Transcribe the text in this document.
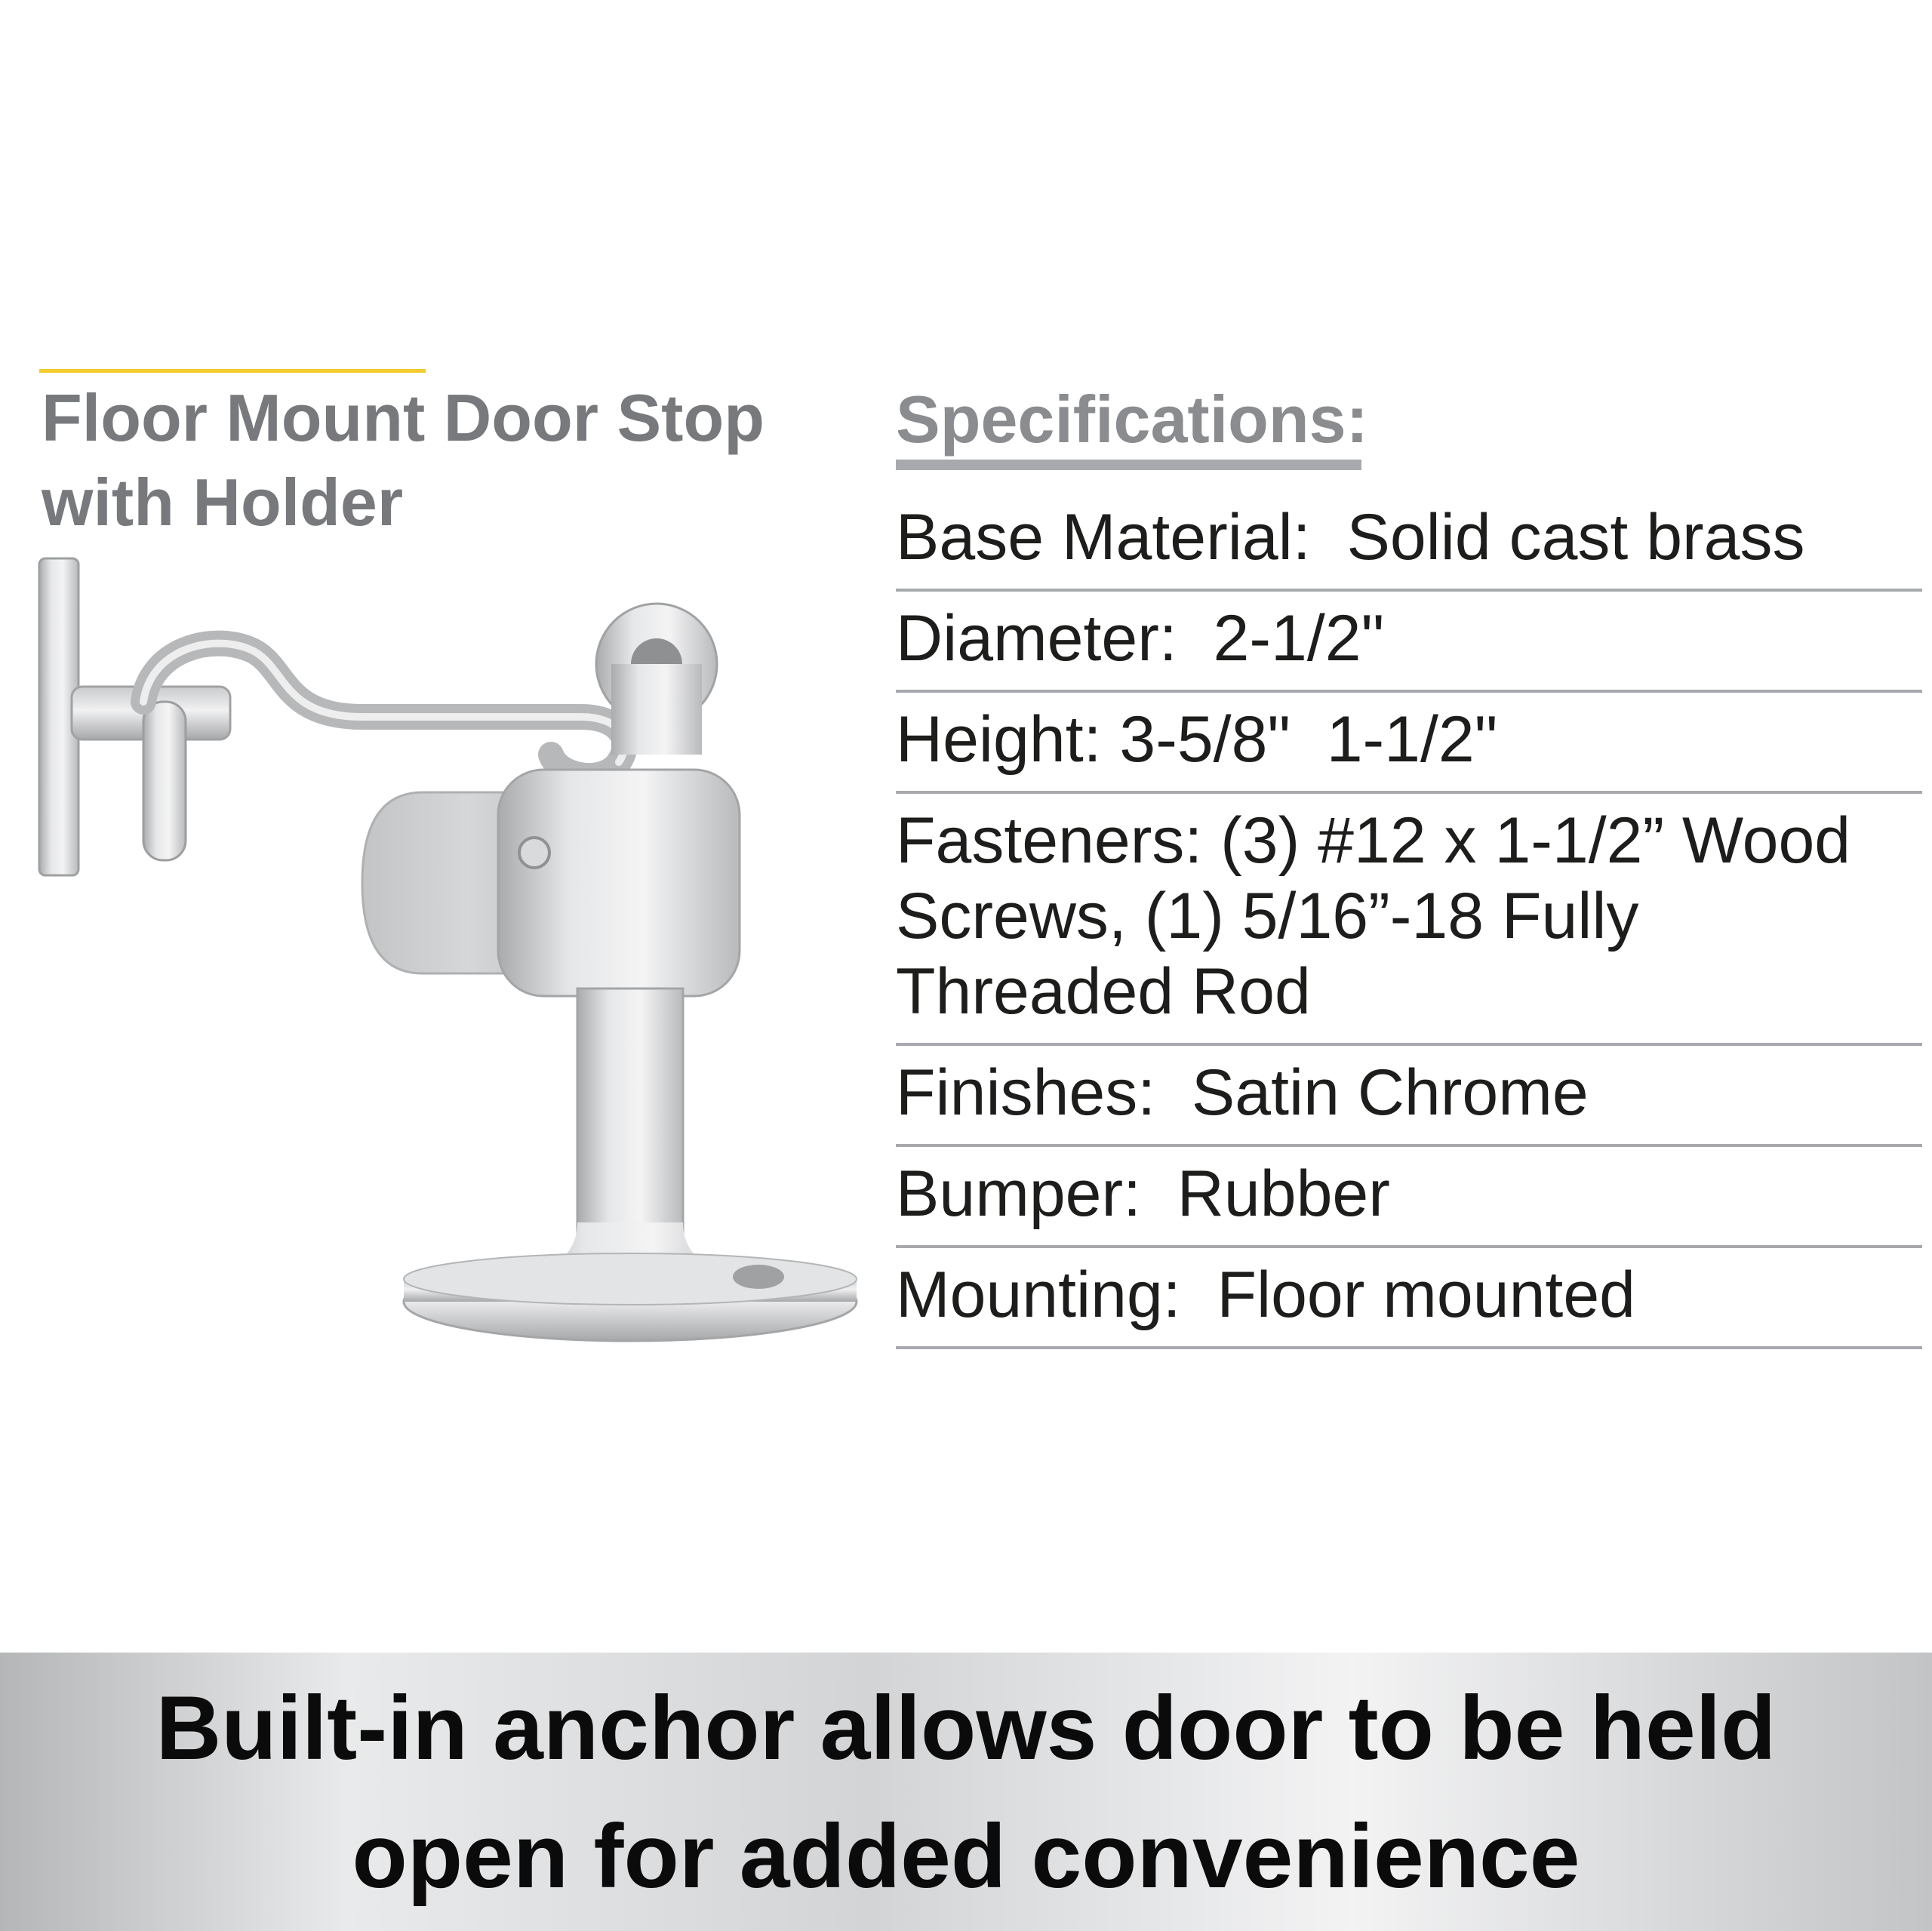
Floor Mount Door Stop
with Holder
Specifications:
Base Material:  Solid cast brass
Diameter:  2-1/2"
Height: 3-5/8"  1-1/2"
Fasteners: (3) #12 x 1-1/2” Wood
Screws, (1) 5/16”-18 Fully
Threaded Rod
Finishes:  Satin Chrome
Bumper:  Rubber
Mounting:  Floor mounted

Built-in anchor allows door to be held
open for added convenience
